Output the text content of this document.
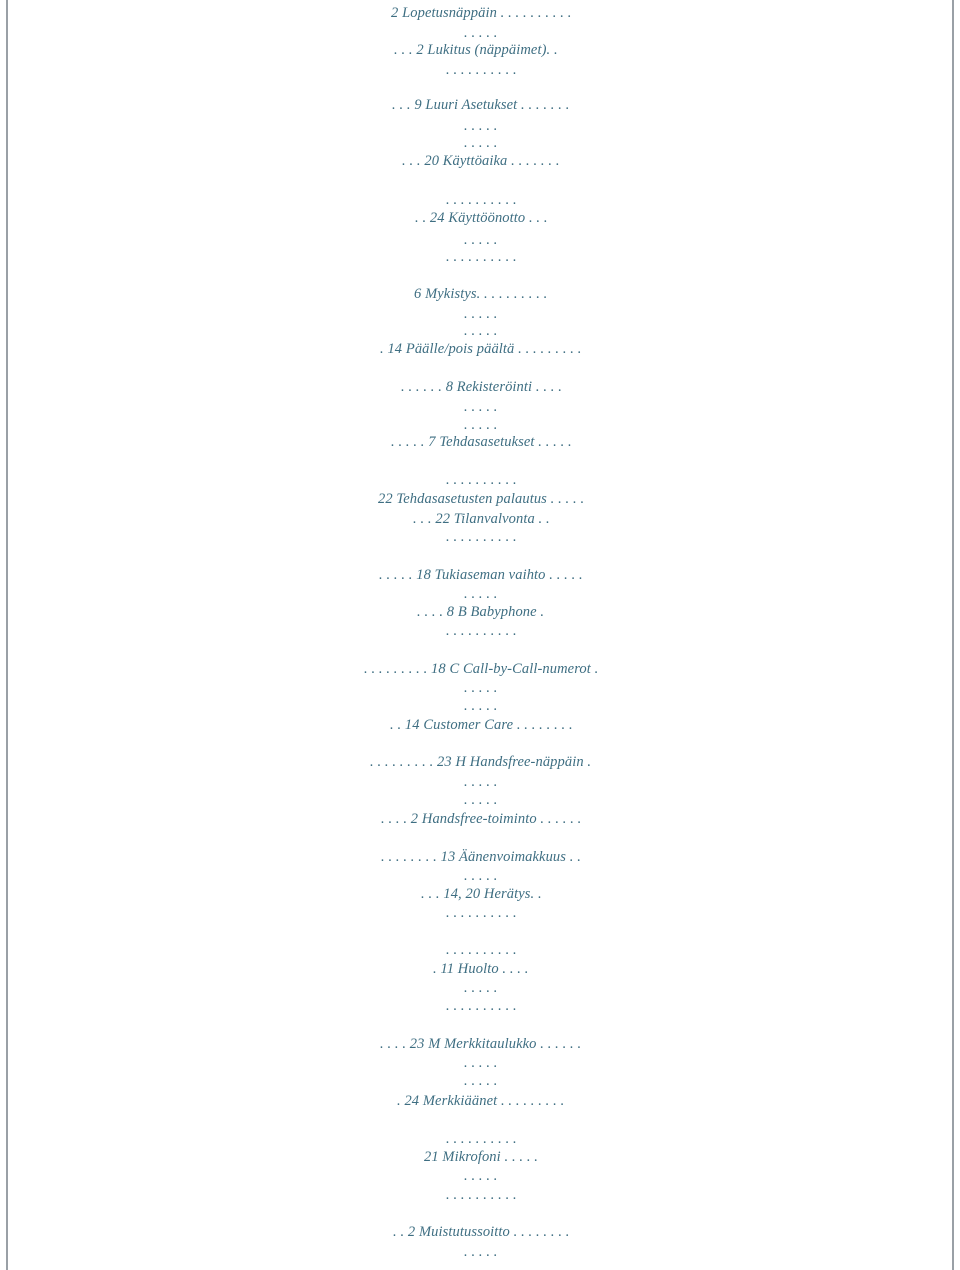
2 Lopetusnäppäin . . . . . . . . . .
. . . . .
. . . 2 Lukitus (näppäimet). .
. . . . . . . . . .
. . . 9 Luuri Asetukset . . . . . . .
. . . . .
. . . . .
. . . 20 Käyttöaika . . . . . . .
. . . . . . . . . .
. . 24 Käyttöönotto . . .
. . . . .
. . . . . . . . . .
6 Mykistys. . . . . . . . . .
. . . . .
. . . . .
. 14 Päälle/pois päältä . . . . . . . . .
. . . . . . 8 Rekisteröinti . . . .
. . . . .
. . . . .
. . . . . 7 Tehdasasetukset . . . . .
. . . . . . . . . .
22 Tehdasasetusten palautus . . . . .
. . . 22 Tilanvalvonta . .
. . . . . . . . . .
. . . . . 18 Tukiaseman vaihto . . . . .
. . . . .
. . . . 8 B Babyphone .
. . . . . . . . . .
. . . . . . . . . 18 C Call-by-Call-numerot .
. . . . .
. . . . .
. . 14 Customer Care . . . . . . . .
. . . . . . . . . 23 H Handsfree-näppäin .
. . . . .
. . . . .
. . . . 2 Handsfree-toiminto . . . . . .
. . . . . . . . 13 Äänenvoimakkuus . .
. . . . .
. . . 14, 20 Herätys. .
. . . . . . . . . .
. . . . . . . . . .
. 11 Huolto . . . .
. . . . .
. . . . . . . . . .
. . . . 23 M Merkkitaulukko . . . . . .
. . . . .
. . . . .
. 24 Merkkiäänet . . . . . . . . .
. . . . . . . . . .
21 Mikrofoni . . . . .
. . . . .
. . . . . . . . . .
. . 2 Muistutussoitto . . . . . . . .
. . . . .
